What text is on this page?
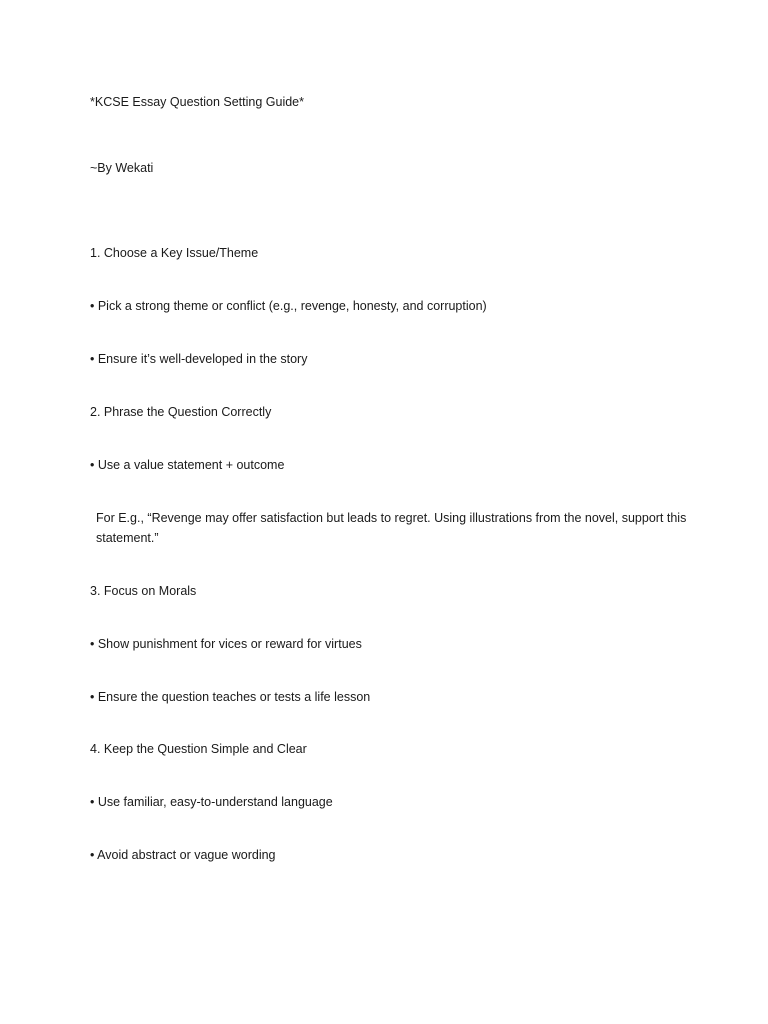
*KCSE Essay Question Setting Guide*
~By Wekati
1. Choose a Key Issue/Theme
• Pick a strong theme or conflict (e.g., revenge, honesty, and corruption)
• Ensure it’s well-developed in the story
2. Phrase the Question Correctly
• Use a value statement + outcome
For E.g., “Revenge may offer satisfaction but leads to regret. Using illustrations from the novel, support this statement.”
3. Focus on Morals
• Show punishment for vices or reward for virtues
• Ensure the question teaches or tests a life lesson
4. Keep the Question Simple and Clear
• Use familiar, easy-to-understand language
• Avoid abstract or vague wording
